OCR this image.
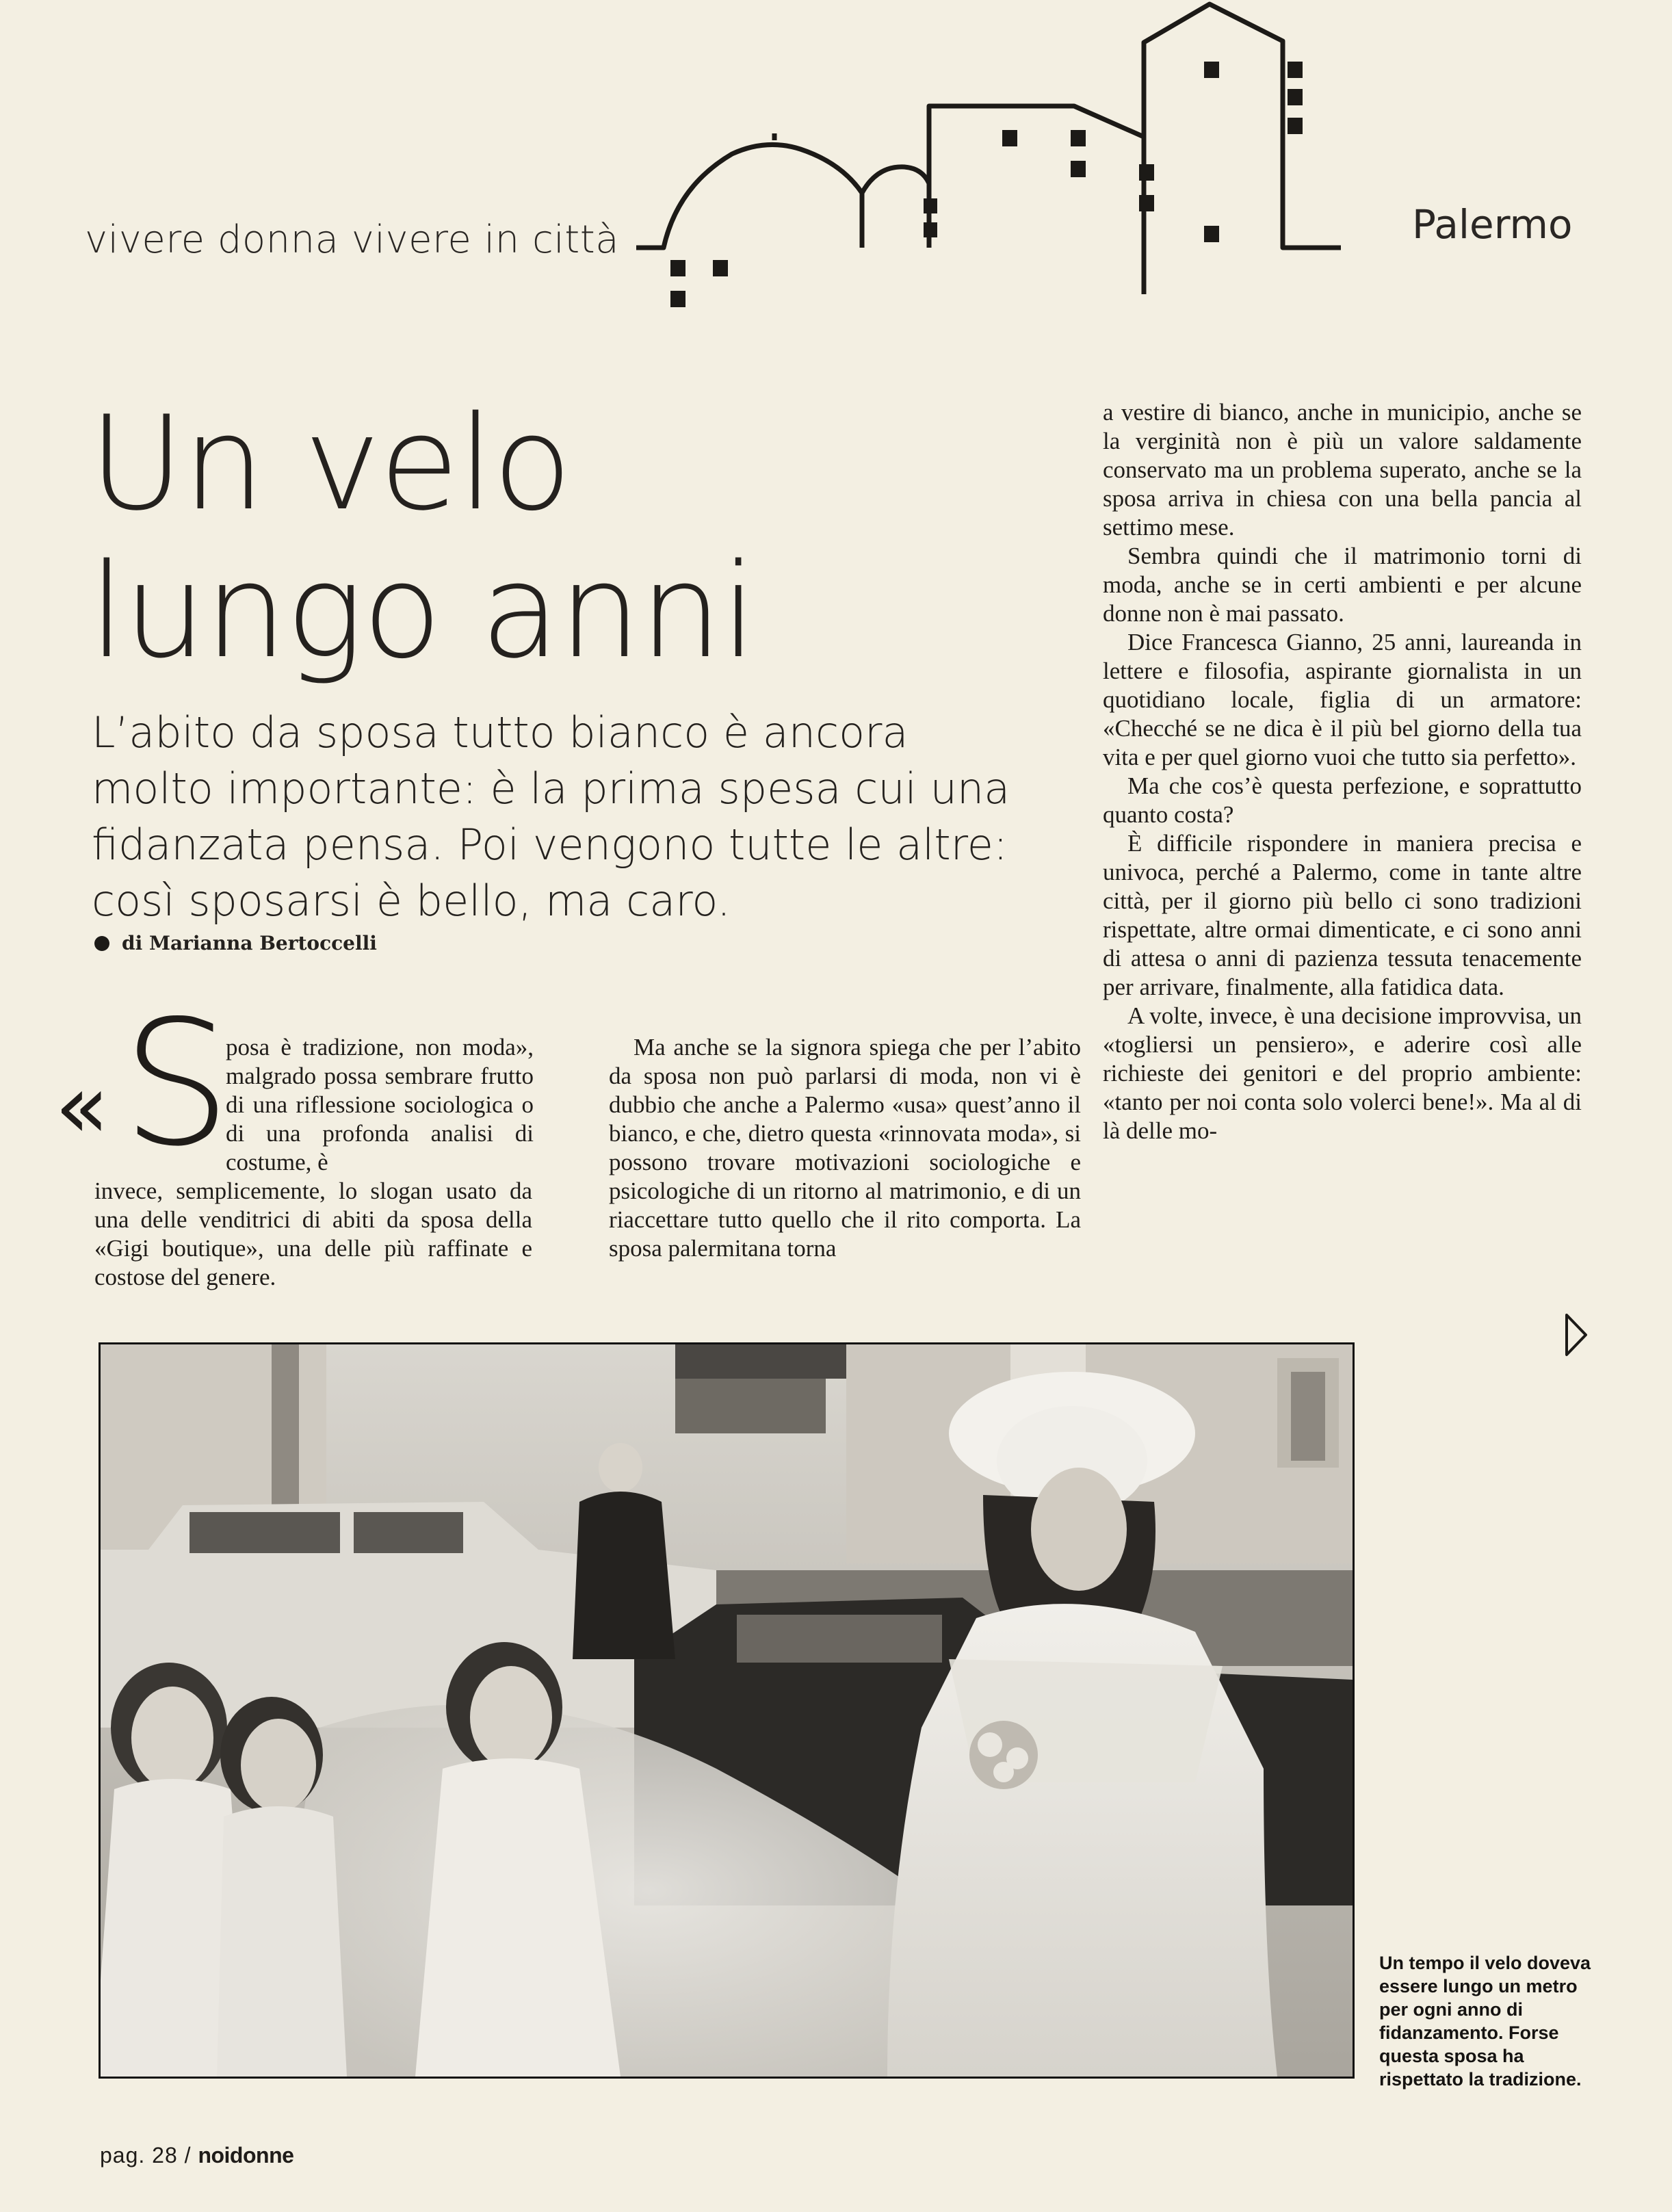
vivere donna vivere in città	Palermo
Un velo
lungo anni
L’abito da sposa tutto bianco è ancora
molto importante: è la prima spesa cui una
fidanzata pensa. Poi vengono tutte le altre:
così sposarsi è bello, ma caro.
di Marianna Bertoccelli
« S

posa è tradizione, non moda», malgrado possa sembrare frutto di una riflessione sociologica o di una profonda analisi di costume, è

invece, semplicemente, lo slogan usato da una delle venditrici di abiti da sposa della «Gigi boutique», una delle più raffinate e costose del genere.

Ma anche se la signora spiega che per l’abito da sposa non può parlarsi di moda, non vi è dubbio che anche a Palermo «usa» quest’anno il bianco, e che, dietro questa «rinnovata moda», si possono trovare motivazioni sociologiche e psicologiche di un ritorno al matrimonio, e di un riaccettare tutto quello che il rito comporta. La sposa palermitana torna

a vestire di bianco, anche in municipio, anche se la verginità non è più un valore saldamente conservato ma un problema superato, anche se la sposa arriva in chiesa con una bella pancia al settimo mese.

Sembra quindi che il matrimonio torni di moda, anche se in certi ambienti e per alcune donne non è mai passato.

Dice Francesca Gianno, 25 anni, laureanda in lettere e filosofia, aspirante giornalista in un quotidiano locale, figlia di un armatore: «Checché se ne dica è il più bel giorno della tua vita e per quel giorno vuoi che tutto sia perfetto».

Ma che cos’è questa perfezione, e soprattutto quanto costa?

È difficile rispondere in maniera precisa e univoca, perché a Palermo, come in tante altre città, per il giorno più bello ci sono tradizioni rispettate, altre ormai dimenticate, e ci sono anni di attesa o anni di pazienza tessuta tenacemente per arrivare, finalmente, alla fatidica data.

A volte, invece, è una decisione improvvisa, un «togliersi un pensiero», e aderire così alle richieste dei genitori e del proprio ambiente: «tanto per noi conta solo volerci bene!». Ma al di là delle mo-

Un tempo il velo doveva essere lungo un metro per ogni anno di fidanzamento. Forse questa sposa ha rispettato la tradizione.
pag. 28 / noidonne
